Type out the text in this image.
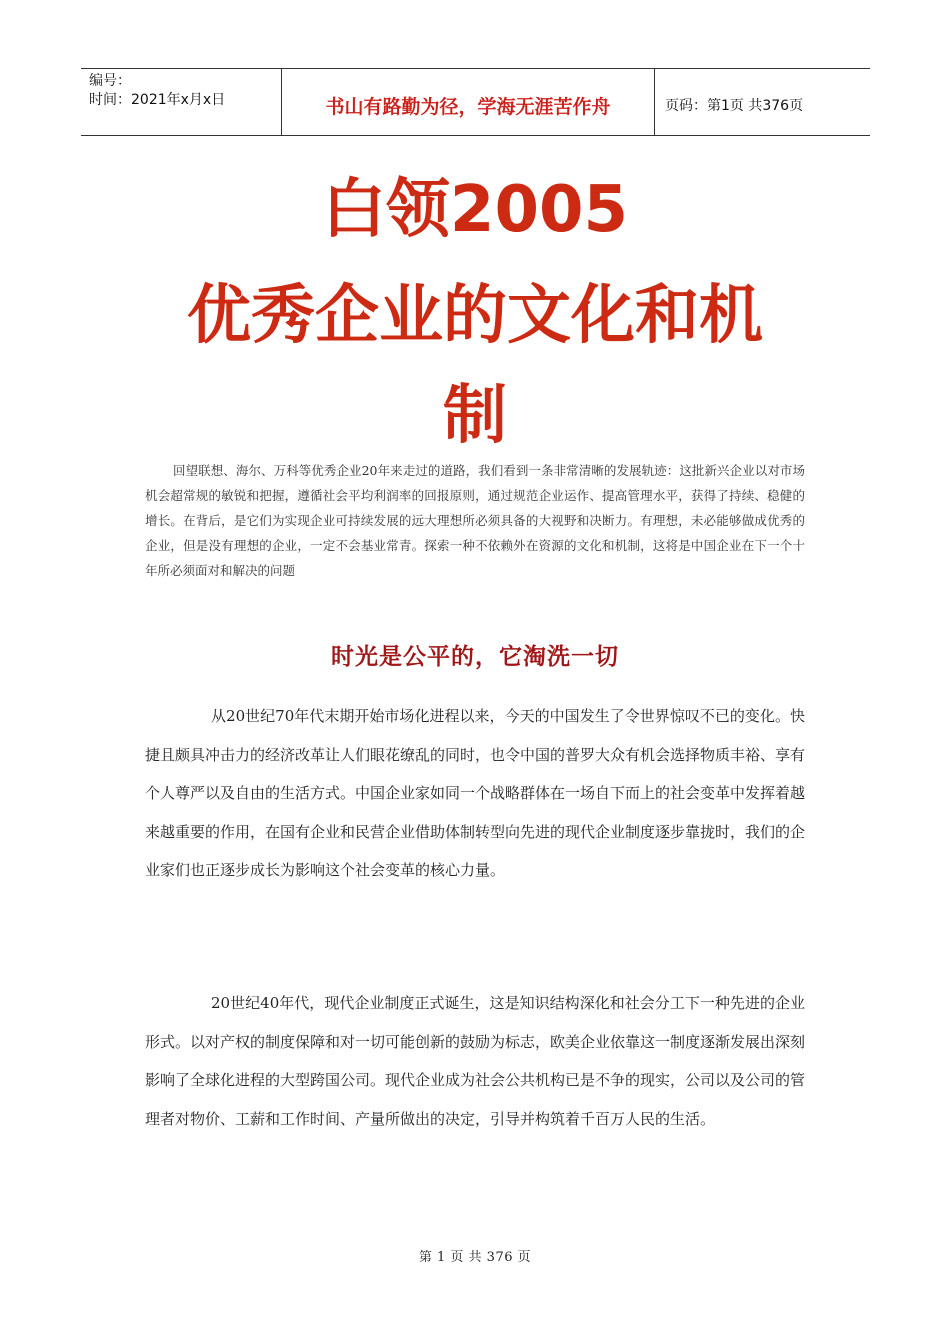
编号：
时间：2021年x月x日	书山有路勤为径，学海无涯苦作舟	页码：第1页 共376页
白领2005
优秀企业的文化和机
制
回望联想、海尔、万科等优秀企业20年来走过的道路，我们看到一条非常清晰的发展轨迹：这批新兴企业以对市场机会超常规的敏锐和把握，遵循社会平均利润率的回报原则，通过规范企业运作、提高管理水平，获得了持续、稳健的增长。在背后，是它们为实现企业可持续发展的远大理想所必须具备的大视野和决断力。有理想，未必能够做成优秀的企业，但是没有理想的企业，一定不会基业常青。探索一种不依赖外在资源的文化和机制，这将是中国企业在下一个十年所必须面对和解决的问题
时光是公平的，它淘洗一切
从20世纪70年代末期开始市场化进程以来，今天的中国发生了令世界惊叹不已的变化。快捷且颇具冲击力的经济改革让人们眼花缭乱的同时，也令中国的普罗大众有机会选择物质丰裕、享有个人尊严以及自由的生活方式。中国企业家如同一个战略群体在一场自下而上的社会变革中发挥着越来越重要的作用，在国有企业和民营企业借助体制转型向先进的现代企业制度逐步靠拢时，我们的企业家们也正逐步成长为影响这个社会变革的核心力量。
20世纪40年代，现代企业制度正式诞生，这是知识结构深化和社会分工下一种先进的企业形式。以对产权的制度保障和对一切可能创新的鼓励为标志，欧美企业依靠这一制度逐渐发展出深刻影响了全球化进程的大型跨国公司。现代企业成为社会公共机构已是不争的现实，公司以及公司的管理者对物价、工薪和工作时间、产量所做出的决定，引导并构筑着千百万人民的生活。
第 1 页 共 376 页
